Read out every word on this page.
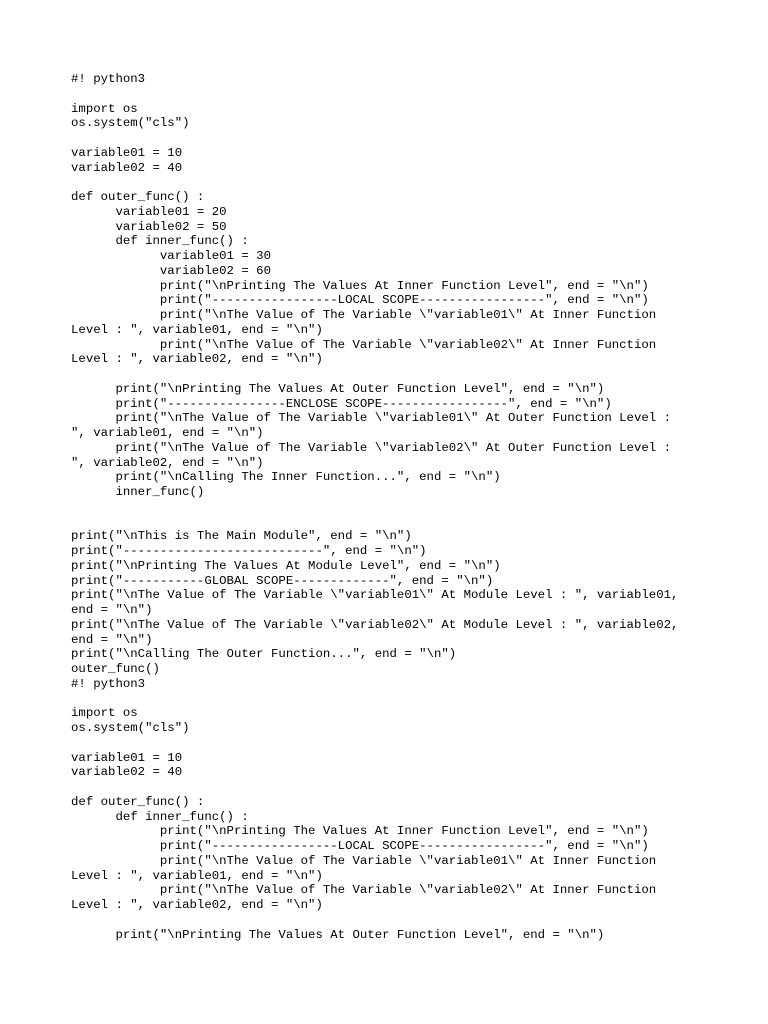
#! python3
import os
os.system("cls")
variable01 = 10
variable02 = 40
def outer_func() :
variable01 = 20
variable02 = 50
def inner_func() :
variable01 = 30
variable02 = 60
print("\nPrinting The Values At Inner Function Level", end = "\n")
print("-----------------LOCAL SCOPE-----------------", end = "\n")
print("\nThe Value of The Variable \"variable01\" At Inner Function
Level : ", variable01, end = "\n")
print("\nThe Value of The Variable \"variable02\" At Inner Function
Level : ", variable02, end = "\n")
print("\nPrinting The Values At Outer Function Level", end = "\n")
print("----------------ENCLOSE SCOPE-----------------", end = "\n")
print("\nThe Value of The Variable \"variable01\" At Outer Function Level :
", variable01, end = "\n")
print("\nThe Value of The Variable \"variable02\" At Outer Function Level :
", variable02, end = "\n")
print("\nCalling The Inner Function...", end = "\n")
inner_func()
print("\nThis is The Main Module", end = "\n")
print("---------------------------", end = "\n")
print("\nPrinting The Values At Module Level", end = "\n")
print("-----------GLOBAL SCOPE-------------", end = "\n")
print("\nThe Value of The Variable \"variable01\" At Module Level : ", variable01,
end = "\n")
print("\nThe Value of The Variable \"variable02\" At Module Level : ", variable02,
end = "\n")
print("\nCalling The Outer Function...", end = "\n")
outer_func()
#! python3
import os
os.system("cls")
variable01 = 10
variable02 = 40
def outer_func() :
def inner_func() :
print("\nPrinting The Values At Inner Function Level", end = "\n")
print("-----------------LOCAL SCOPE-----------------", end = "\n")
print("\nThe Value of The Variable \"variable01\" At Inner Function
Level : ", variable01, end = "\n")
print("\nThe Value of The Variable \"variable02\" At Inner Function
Level : ", variable02, end = "\n")
print("\nPrinting The Values At Outer Function Level", end = "\n")
